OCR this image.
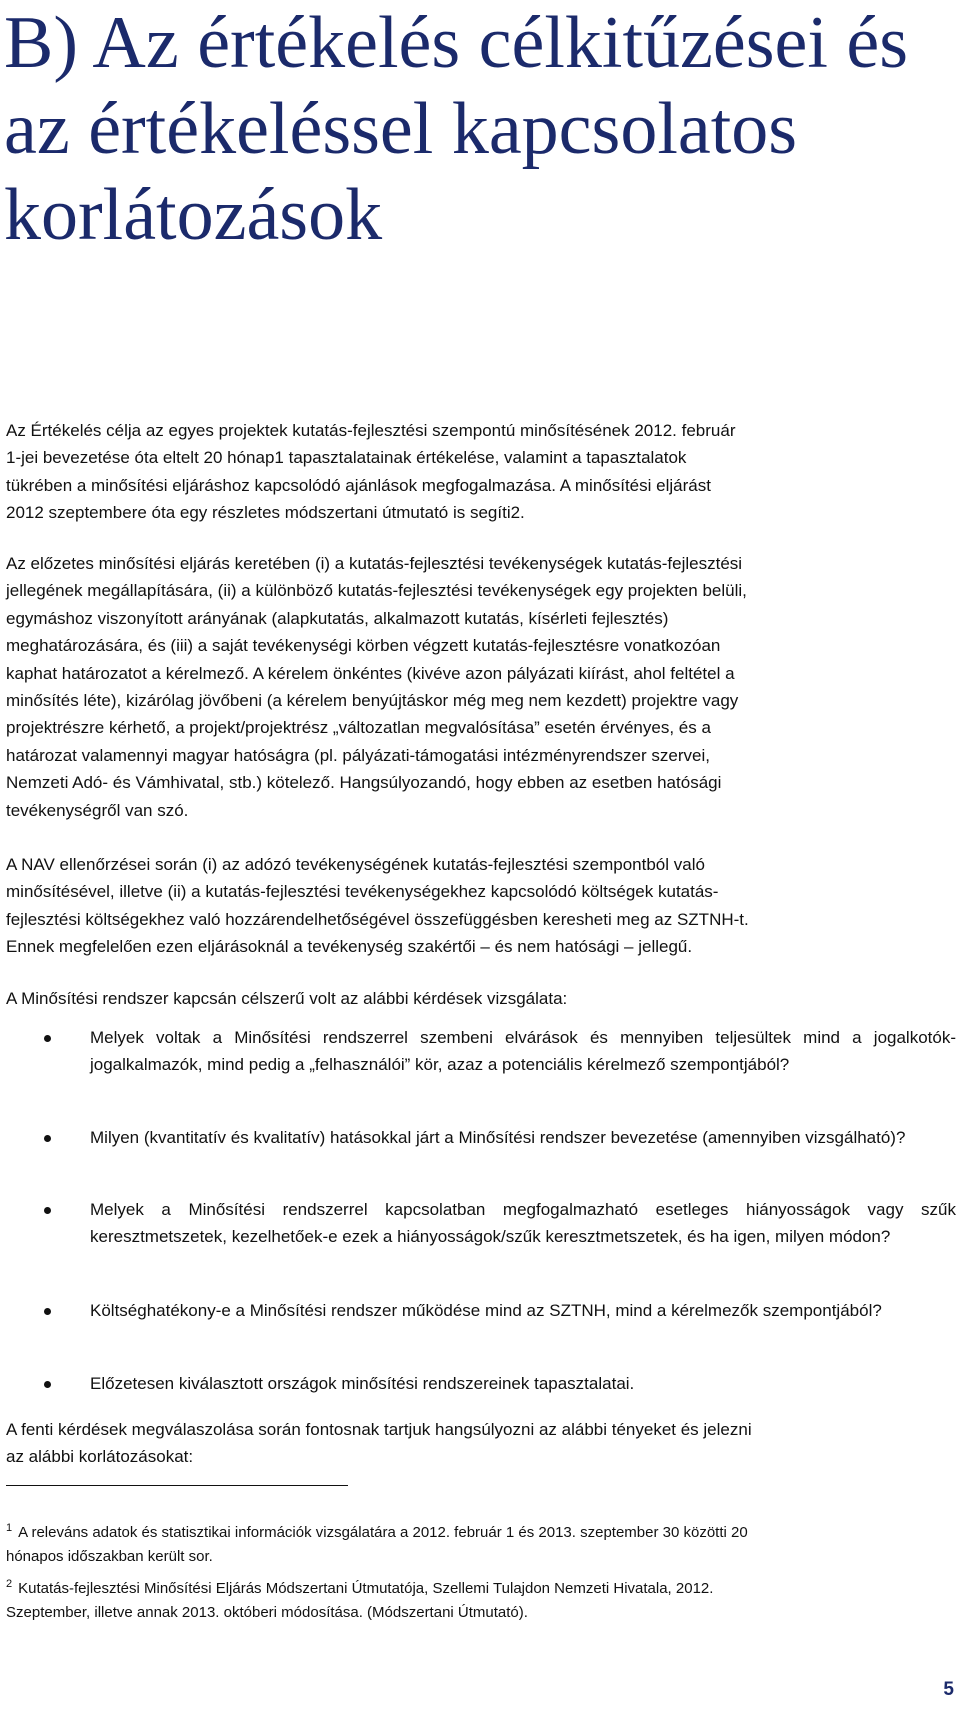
B) Az értékelés célkitűzései és
az értékeléssel kapcsolatos
korlátozások

Az Értékelés célja az egyes projektek kutatás-fejlesztési szempontú minősítésének 2012. február
1-jei bevezetése óta eltelt 20 hónap1 tapasztalatainak értékelése, valamint a tapasztalatok
tükrében a minősítési eljáráshoz kapcsolódó ajánlások megfogalmazása. A minősítési eljárást
2012 szeptembere óta egy részletes módszertani útmutató is segíti2.

Az előzetes minősítési eljárás keretében (i) a kutatás-fejlesztési tevékenységek kutatás-fejlesztési
jellegének megállapítására, (ii) a különböző kutatás-fejlesztési tevékenységek egy projekten belüli,
egymáshoz viszonyított arányának (alapkutatás, alkalmazott kutatás, kísérleti fejlesztés)
meghatározására, és (iii) a saját tevékenységi körben végzett kutatás-fejlesztésre vonatkozóan
kaphat határozatot a kérelmező. A kérelem önkéntes (kivéve azon pályázati kiírást, ahol feltétel a
minősítés léte), kizárólag jövőbeni (a kérelem benyújtáskor még meg nem kezdett) projektre vagy
projektrészre kérhető, a projekt/projektrész „változatlan megvalósítása” esetén érvényes, és a
határozat valamennyi magyar hatóságra (pl. pályázati-támogatási intézményrendszer szervei,
Nemzeti Adó- és Vámhivatal, stb.) kötelező. Hangsúlyozandó, hogy ebben az esetben hatósági
tevékenységről van szó.

A NAV ellenőrzései során (i) az adózó tevékenységének kutatás-fejlesztési szempontból való
minősítésével, illetve (ii) a kutatás-fejlesztési tevékenységekhez kapcsolódó költségek kutatás-
fejlesztési költségekhez való hozzárendelhetőségével összefüggésben keresheti meg az SZTNH-t.
Ennek megfelelően ezen eljárásoknál a tevékenység szakértői – és nem hatósági – jellegű.

A Minősítési rendszer kapcsán célszerű volt az alábbi kérdések vizsgálata:

Melyek voltak a Minősítési rendszerrel szembeni elvárások és mennyiben teljesültek mind a jogalkotók-jogalkalmazók, mind pedig a „felhasználói” kör, azaz a potenciális kérelmező szempontjából?
Milyen (kvantitatív és kvalitatív) hatásokkal járt a Minősítési rendszer bevezetése (amennyiben vizsgálható)?
Melyek a Minősítési rendszerrel kapcsolatban megfogalmazható esetleges hiányosságok vagy szűk keresztmetszetek, kezelhetőek-e ezek a hiányosságok/szűk keresztmetszetek, és ha igen, milyen módon?
Költséghatékony-e a Minősítési rendszer működése mind az SZTNH, mind a kérelmezők szempontjából?
Előzetesen kiválasztott országok minősítési rendszereinek tapasztalatai.

A fenti kérdések megválaszolása során fontosnak tartjuk hangsúlyozni az alábbi tényeket és jelezni
az alábbi korlátozásokat:

$^1$ A releváns adatok és statisztikai információk vizsgálatára a 2012. február 1 és 2013. szeptember 30 közötti 20
hónapos időszakban került sor.

$^2$ Kutatás-fejlesztési Minősítési Eljárás Módszertani Útmutatója, Szellemi Tulajdon Nemzeti Hivatala, 2012.
Szeptember, illetve annak 2013. októberi módosítása. (Módszertani Útmutató).

5
